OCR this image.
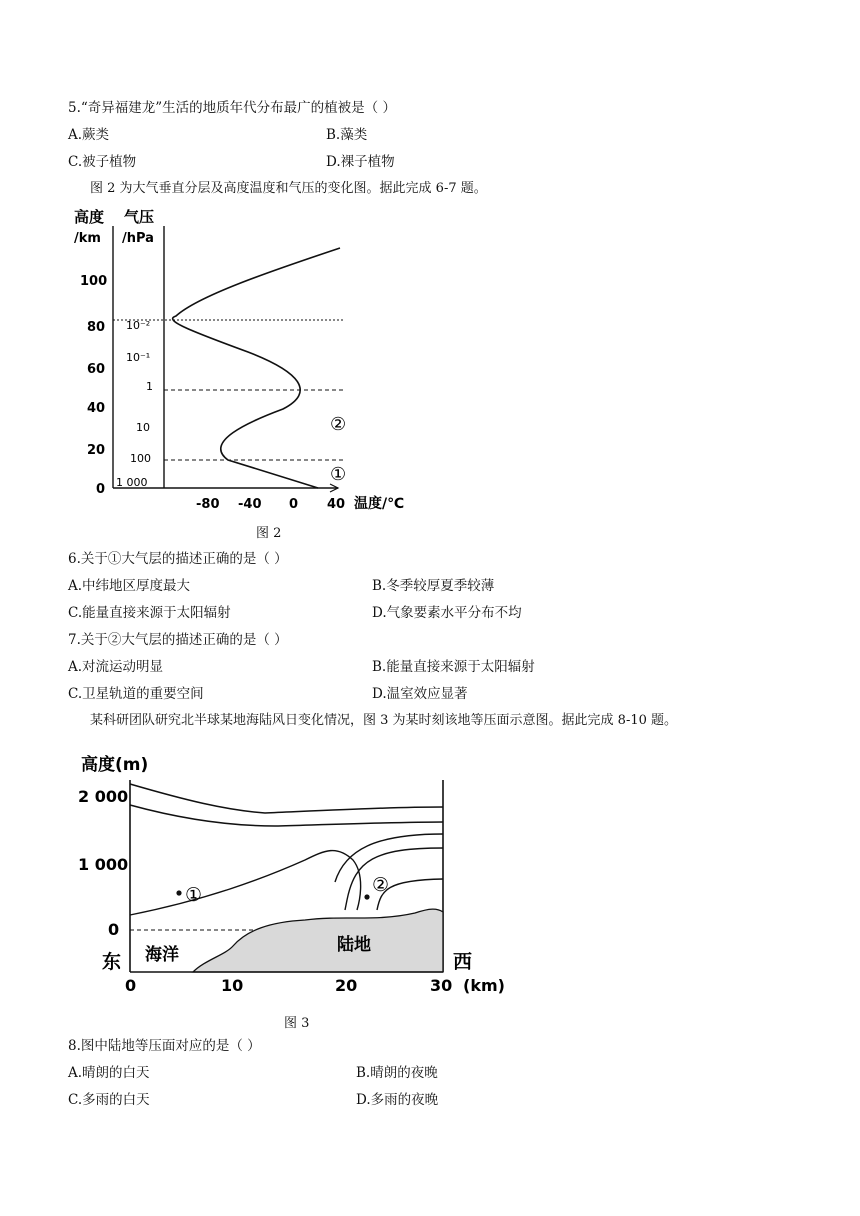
5.“奇异福建龙”生活的地质年代分布最广的植被是（ ）
A.蕨类	B.藻类
C.被子植物	D.裸子植物
图 2 为大气垂直分层及高度温度和气压的变化图。据此完成 6-7 题。
高度
/km
气压
/hPa
100
80
60
40
20
0
10⁻²
10⁻¹
1
10
100
1 000	①
②
-80 -40 0 40 温度/℃
图 2
6.关于①大气层的描述正确的是（ ）
A.中纬地区厚度最大	B.冬季较厚夏季较薄
C.能量直接来源于太阳辐射	D.气象要素水平分布不均
7.关于②大气层的描述正确的是（ ）
A.对流运动明显	B.能量直接来源于太阳辐射
C.卫星轨道的重要空间	D.温室效应显著
某科研团队研究北半球某地海陆风日变化情况，图 3 为某时刻该地等压面示意图。据此完成 8-10 题。
高度(m)
①	②
海洋	陆地
东	西
2 000
1 000
0
0	10	20	30 (km)
图 3
8.图中陆地等压面对应的是（ ）
A.晴朗的白天	B.晴朗的夜晚
C.多雨的白天	D.多雨的夜晚
